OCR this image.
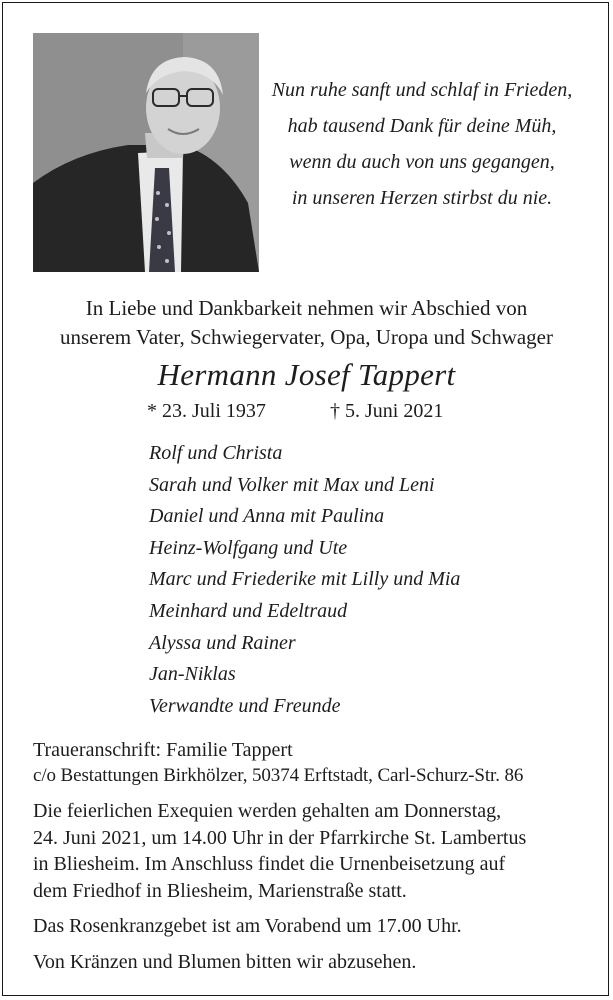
Nun ruhe sanft und schlaf in Frieden,
hab tausend Dank für deine Müh,
wenn du auch von uns gegangen,
in unseren Herzen stirbst du nie.
In Liebe und Dankbarkeit nehmen wir Abschied von
unserem Vater, Schwiegervater, Opa, Uropa und Schwager
Hermann Josef Tappert
* 23. Juli 1937	† 5. Juni 2021
Rolf und Christa
Sarah und Volker mit Max und Leni
Daniel und Anna mit Paulina
Heinz-Wolfgang und Ute
Marc und Friederike mit Lilly und Mia
Meinhard und Edeltraud
Alyssa und Rainer
Jan-Niklas
Verwandte und Freunde
Traueranschrift: Familie Tappert
c/o Bestattungen Birkhölzer, 50374 Erftstadt, Carl-Schurz-Str. 86
Die feierlichen Exequien werden gehalten am Donnerstag,
24. Juni 2021, um 14.00 Uhr in der Pfarrkirche St. Lambertus
in Bliesheim. Im Anschluss findet die Urnenbeisetzung auf
dem Friedhof in Bliesheim, Marienstraße statt.
Das Rosenkranzgebet ist am Vorabend um 17.00 Uhr.
Von Kränzen und Blumen bitten wir abzusehen.
